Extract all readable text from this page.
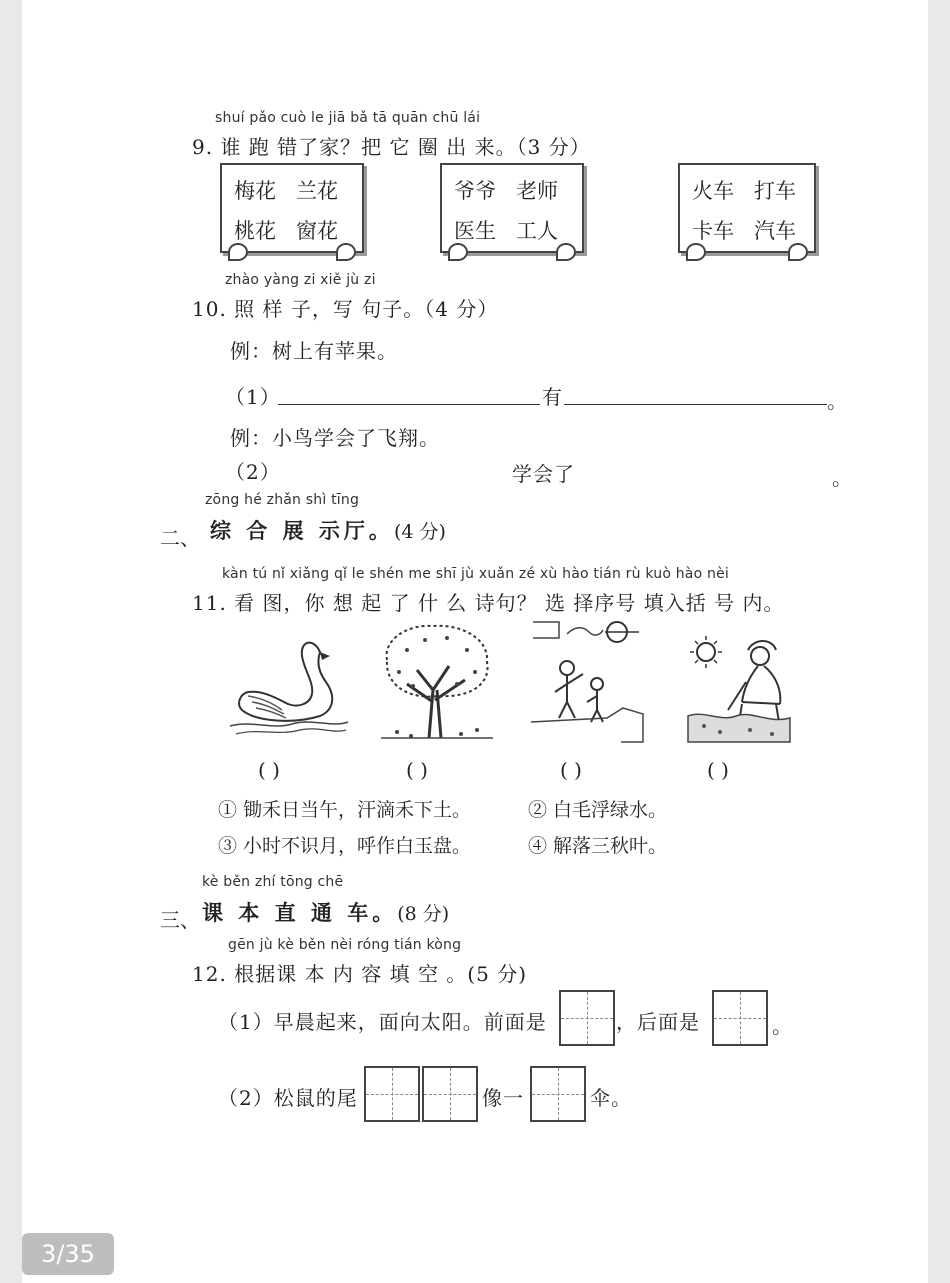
shuí pǎo cuò le jiā bǎ tā quān chū lái
9. 谁 跑 错了家？把 它 圈 出 来。（3 分）
梅花 兰花
桃花 窗花
爷爷 老师
医生 工人
火车 打车
卡车 汽车
zhào yàng zi xiě jù zi
10. 照 样 子，写 句子。（4 分）
例：树上有苹果。
（1）	有	。
例：小鸟学会了飞翔。
（2）	学会了	。
zōng hé zhǎn shì tīng
二、 综 合 展 示厅。(4 分)
kàn tú nǐ xiǎng qǐ le shén me shī jù xuǎn zé xù hào tián rù kuò hào nèi
11. 看 图，你 想 起 了 什 么 诗句？ 选 择序号 填入括 号 内。
( )	( )	( )	( )
① 锄禾日当午，汗滴禾下土。	② 白毛浮绿水。
③ 小时不识月，呼作白玉盘。	④ 解落三秋叶。
kè běn zhí tōng chē
三、 课 本 直 通 车。(8 分)
gēn jù kè běn nèi róng tián kòng
12. 根据课 本 内 容 填 空 。(5 分)
（1）早晨起来，面向太阳。前面是	，后面是	。
（2）松鼠的尾	像一	伞。
3/35
